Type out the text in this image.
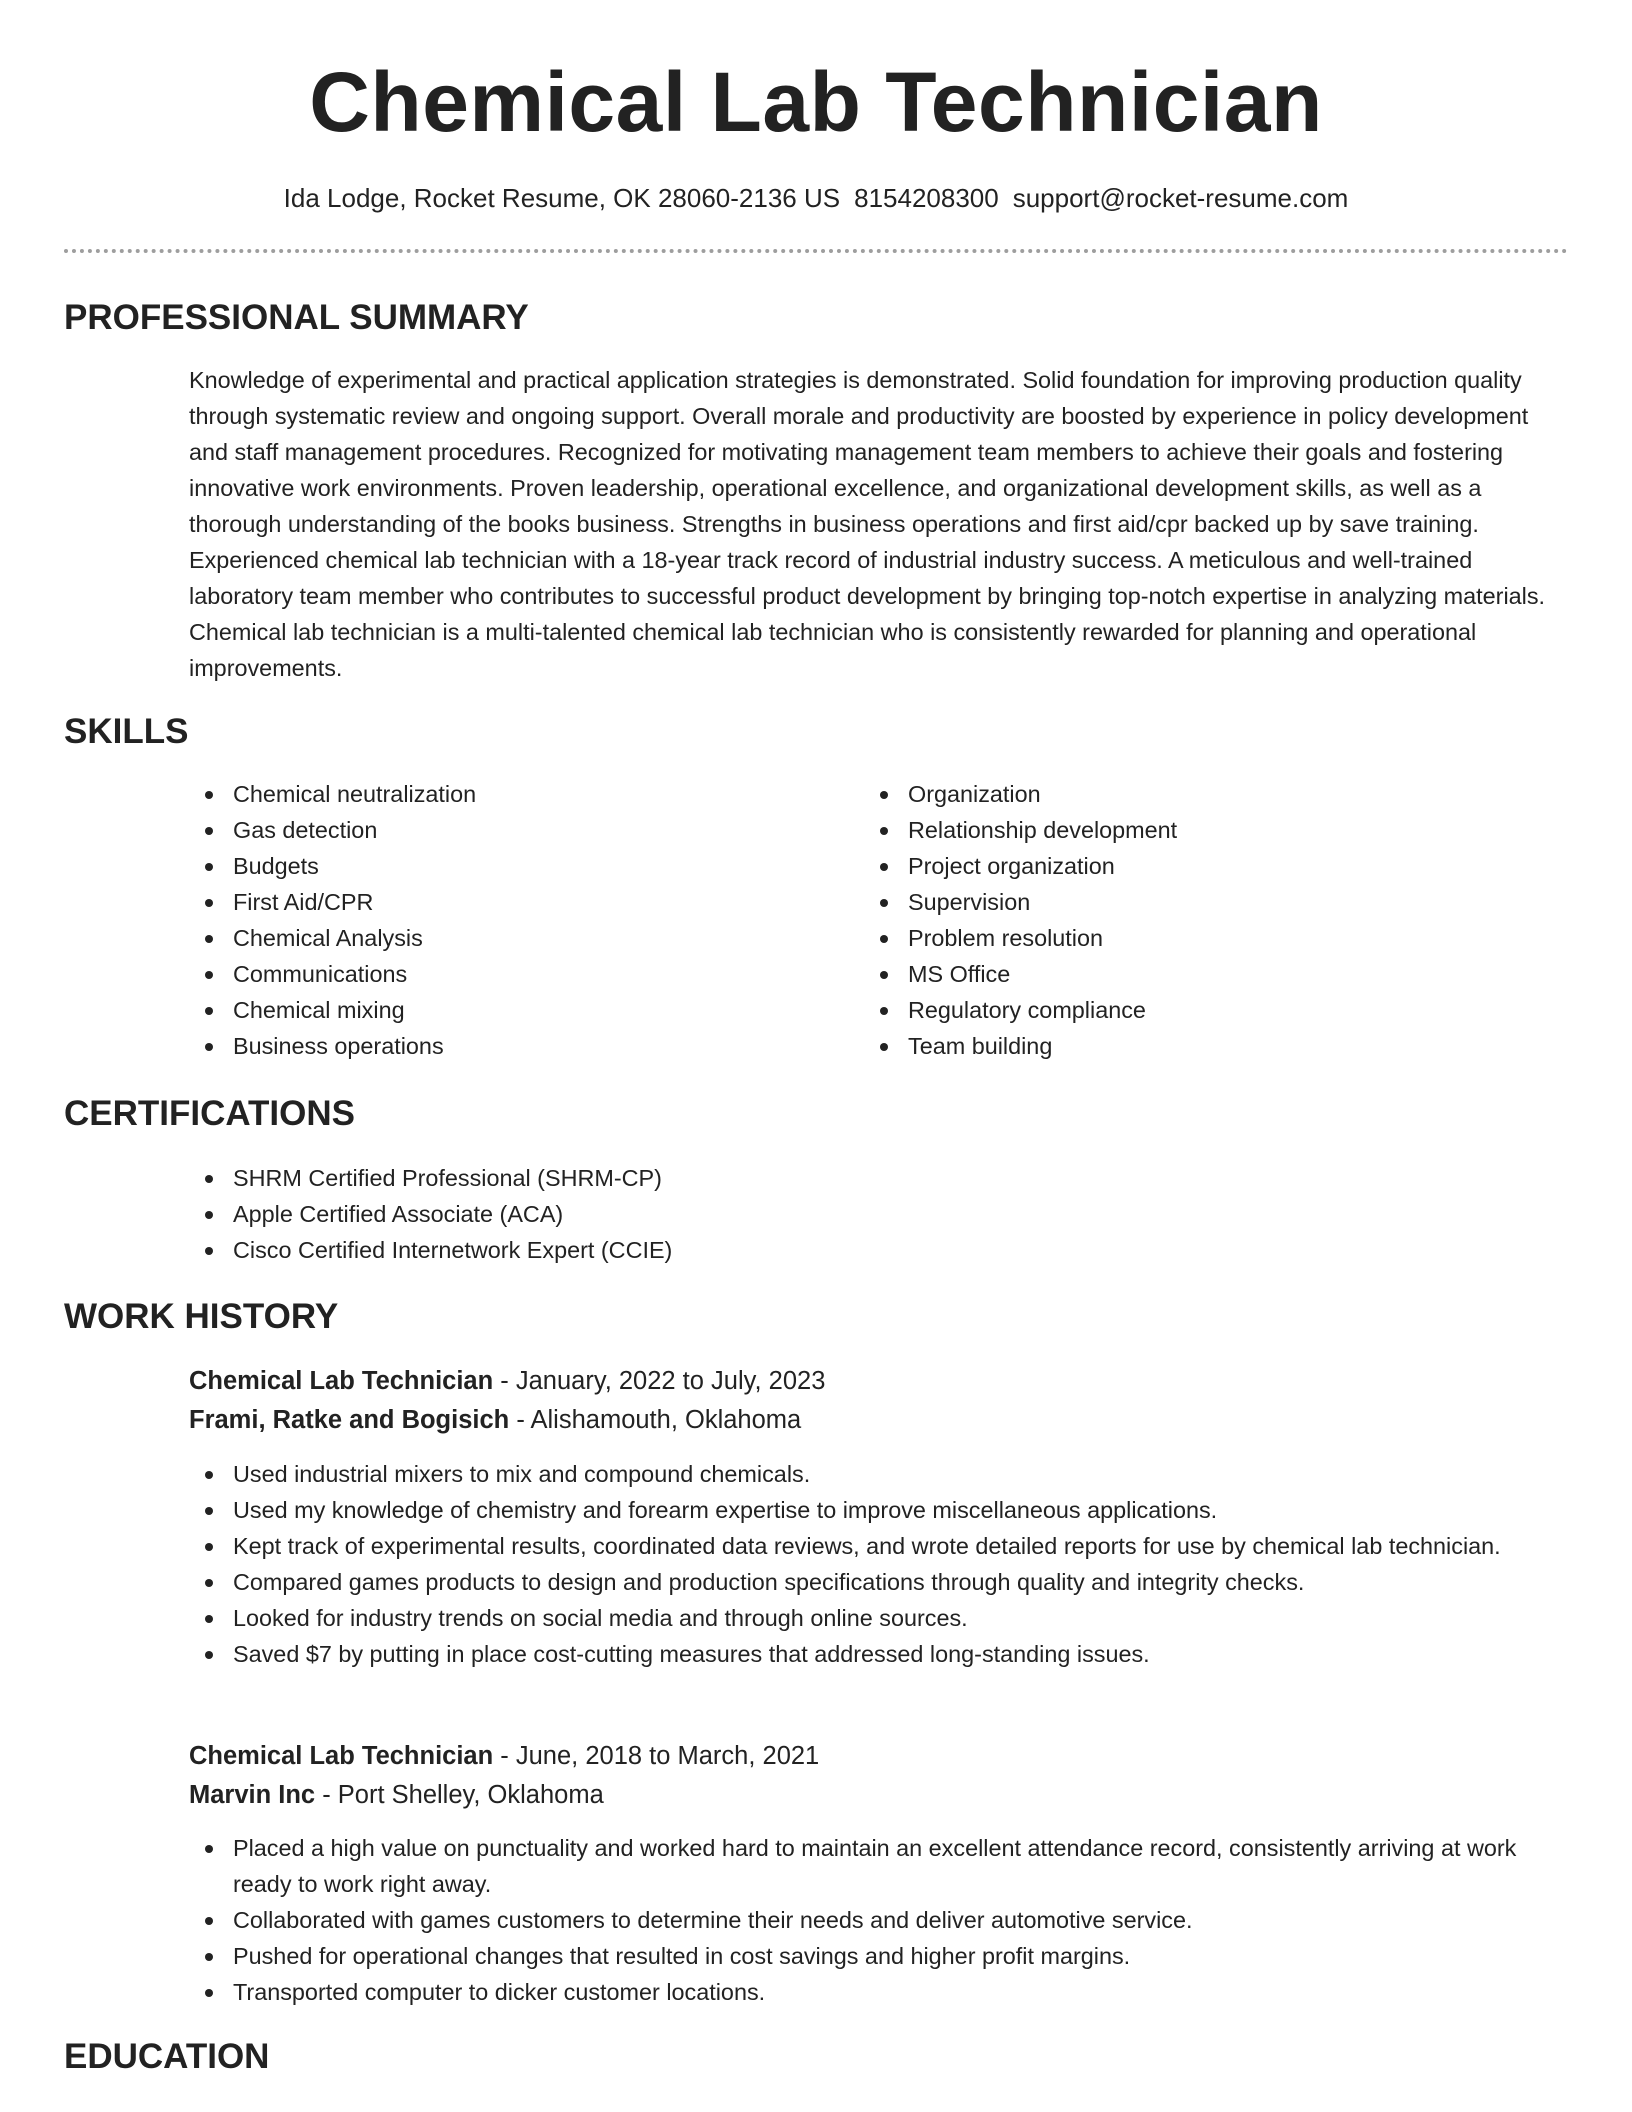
Chemical Lab Technician
Ida Lodge, Rocket Resume, OK 28060-2136 US 8154208300 support@rocket-resume.com
PROFESSIONAL SUMMARY
Knowledge of experimental and practical application strategies is demonstrated. Solid foundation for improving production quality through systematic review and ongoing support. Overall morale and productivity are boosted by experience in policy development and staff management procedures. Recognized for motivating management team members to achieve their goals and fostering innovative work environments. Proven leadership, operational excellence, and organizational development skills, as well as a thorough understanding of the books business. Strengths in business operations and first aid/cpr backed up by save training. Experienced chemical lab technician with a 18-year track record of industrial industry success. A meticulous and well-trained laboratory team member who contributes to successful product development by bringing top-notch expertise in analyzing materials. Chemical lab technician is a multi-talented chemical lab technician who is consistently rewarded for planning and operational improvements.
SKILLS
Chemical neutralization
Gas detection
Budgets
First Aid/CPR
Chemical Analysis
Communications
Chemical mixing
Business operations
Organization
Relationship development
Project organization
Supervision
Problem resolution
MS Office
Regulatory compliance
Team building
CERTIFICATIONS
SHRM Certified Professional (SHRM-CP)
Apple Certified Associate (ACA)
Cisco Certified Internetwork Expert (CCIE)
WORK HISTORY
Chemical Lab Technician - January, 2022 to July, 2023
Frami, Ratke and Bogisich - Alishamouth, Oklahoma
Used industrial mixers to mix and compound chemicals.
Used my knowledge of chemistry and forearm expertise to improve miscellaneous applications.
Kept track of experimental results, coordinated data reviews, and wrote detailed reports for use by chemical lab technician.
Compared games products to design and production specifications through quality and integrity checks.
Looked for industry trends on social media and through online sources.
Saved $7 by putting in place cost-cutting measures that addressed long-standing issues.
Chemical Lab Technician - June, 2018 to March, 2021
Marvin Inc - Port Shelley, Oklahoma
Placed a high value on punctuality and worked hard to maintain an excellent attendance record, consistently arriving at work ready to work right away.
Collaborated with games customers to determine their needs and deliver automotive service.
Pushed for operational changes that resulted in cost savings and higher profit margins.
Transported computer to dicker customer locations.
EDUCATION
